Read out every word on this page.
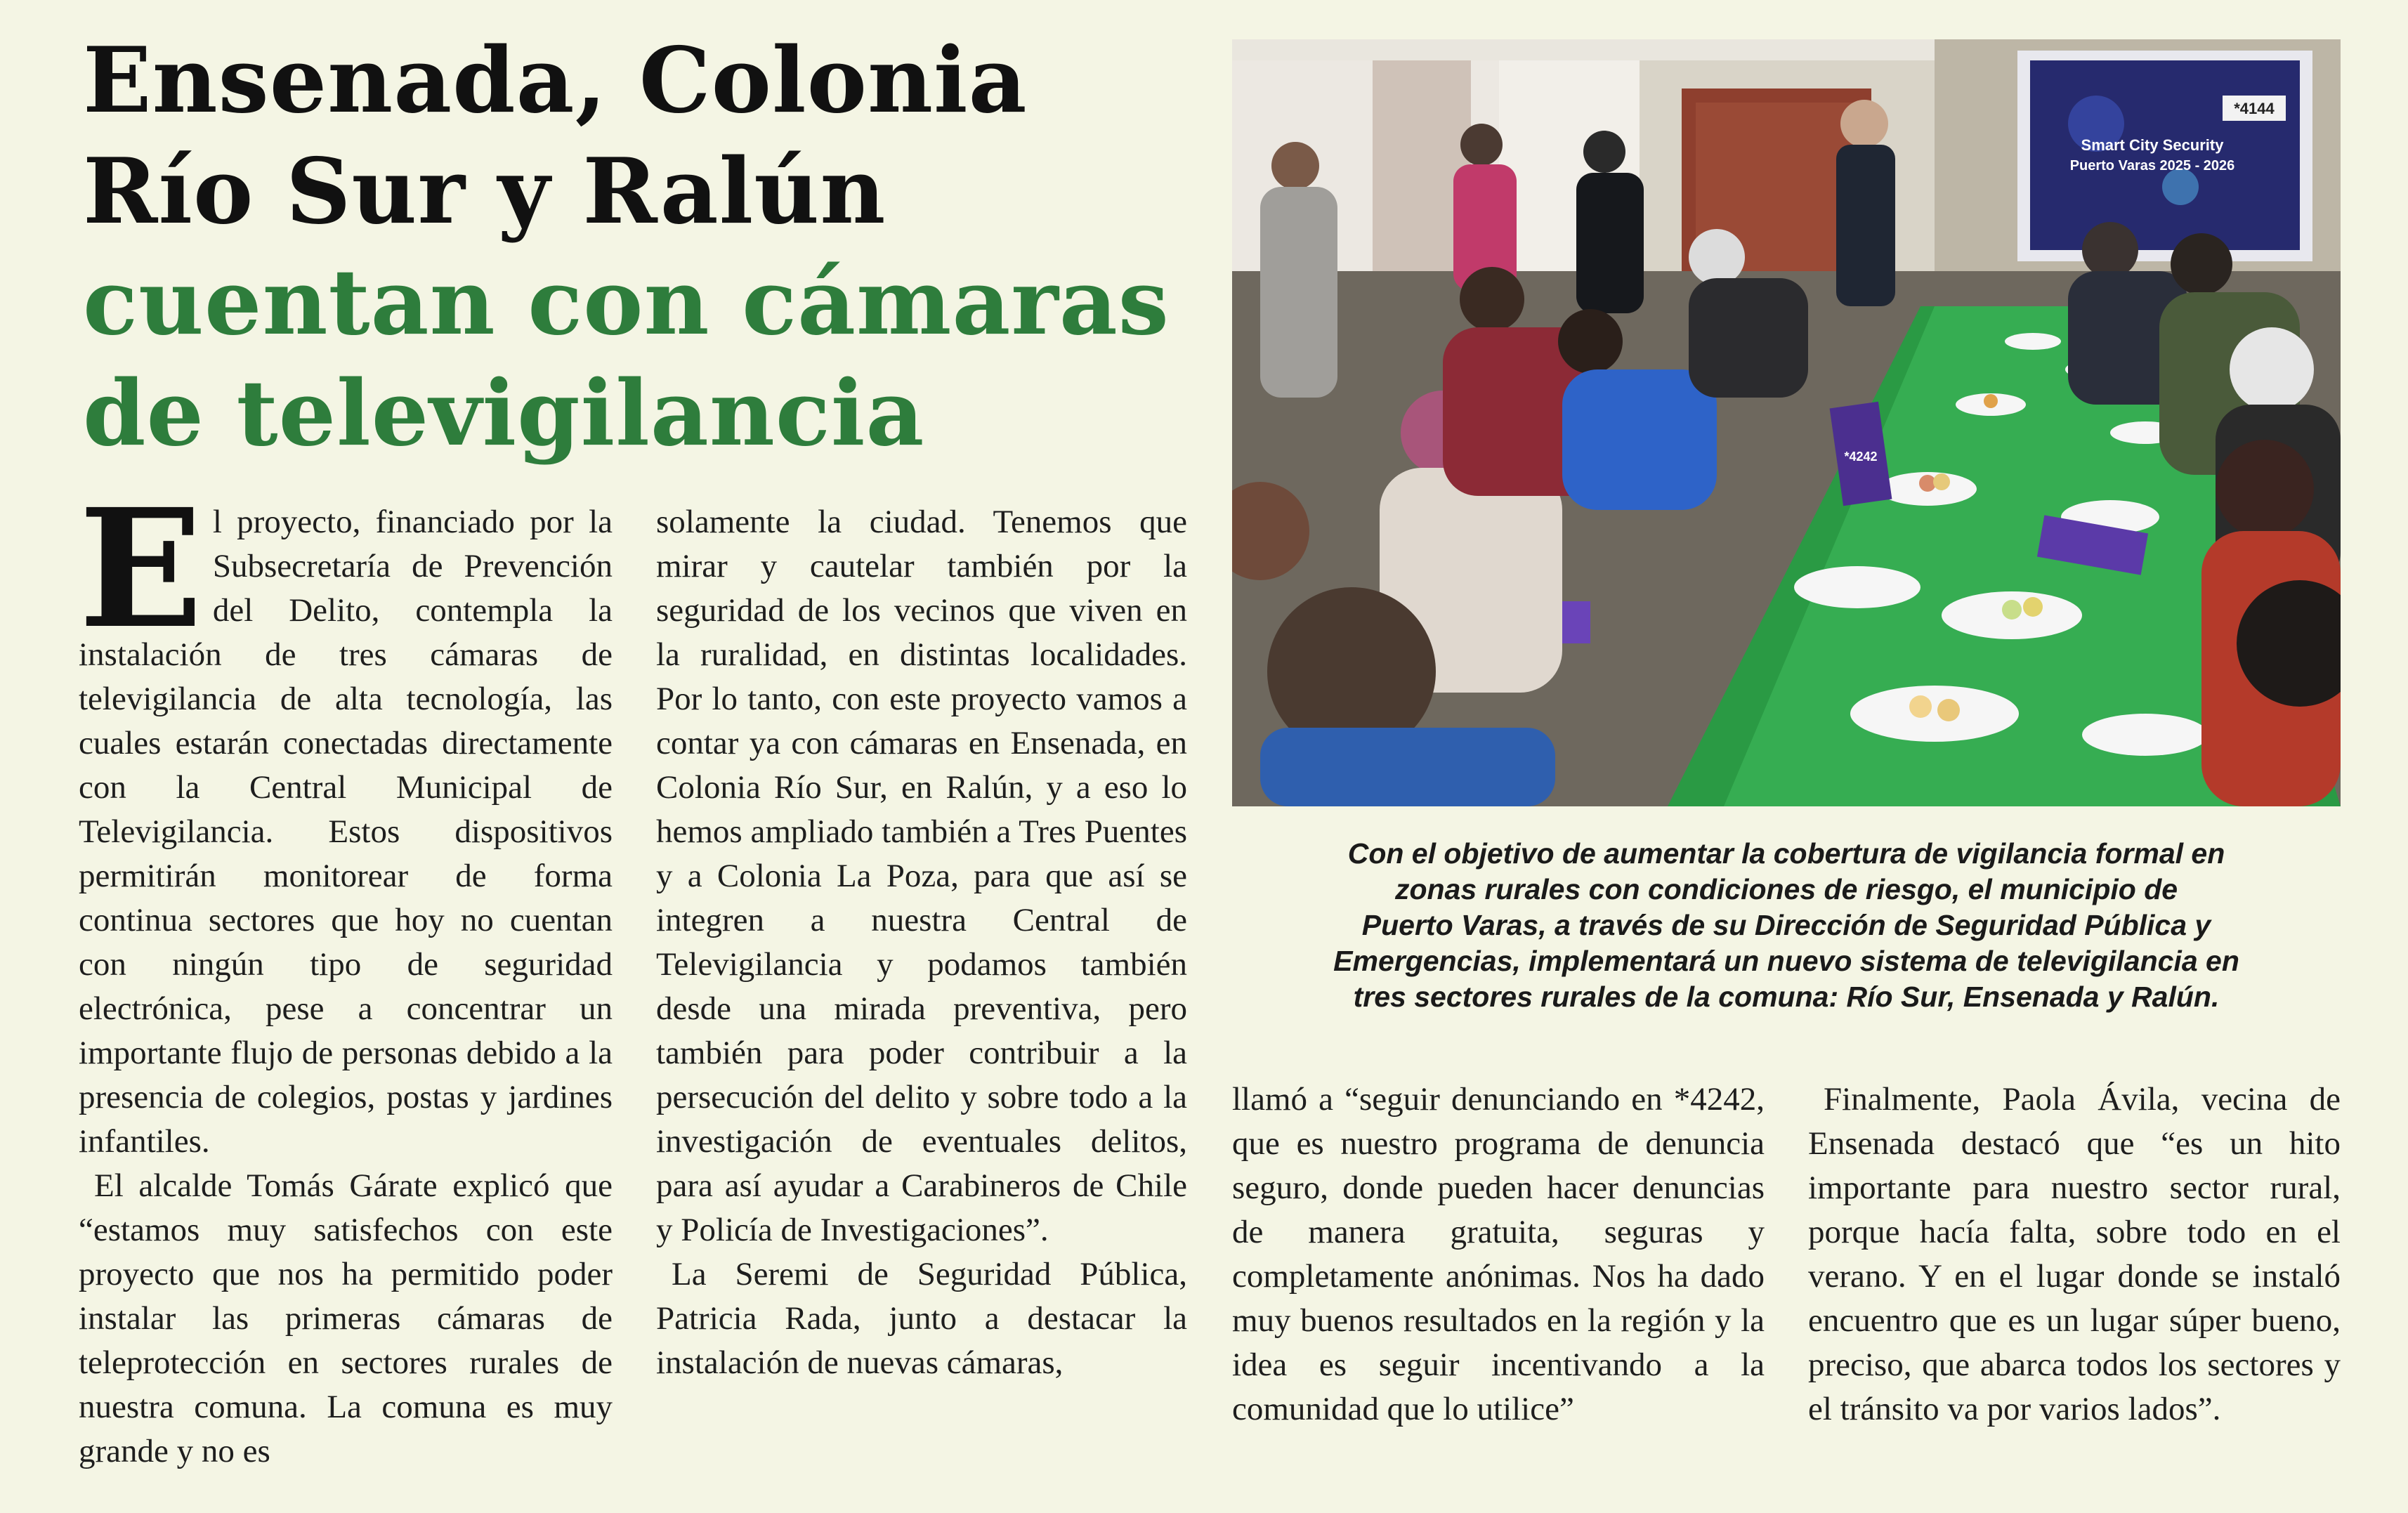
Ensenada, Colonia
Río Sur y Ralún
cuentan con cámaras
de televigilancia
Smart City Security
Puerto Varas 2025 - 2026
*4144
*4242
Con el objetivo de aumentar la cobertura de vigilancia formal en
zonas rurales con condiciones de riesgo, el municipio de
Puerto Varas, a través de su Dirección de Seguridad Pública y
Emergencias, implementará un nuevo sistema de televigilancia en
tres sectores rurales de la comuna: Río Sur, Ensenada y Ralún.

El proyecto, financiado por la Subsecretaría de Prevención del Delito, contempla la instalación de tres cámaras de televigilancia de alta tecnología, las cuales estarán conectadas directamente con la Central Municipal de Televigilancia. Estos dispositivos permitirán monitorear de forma continua sectores que hoy no cuentan con ningún tipo de seguridad electrónica, pese a concentrar un importante flujo de personas debido a la presencia de colegios, postas y jardines infantiles.

El alcalde Tomás Gárate explicó que “estamos muy satisfechos con este proyecto que nos ha permitido poder instalar las primeras cámaras de teleprotección en sectores rurales de nuestra comuna. La comuna es muy grande y no es

solamente la ciudad. Tenemos que mirar y cautelar también por la seguridad de los vecinos que viven en la ruralidad, en distintas localidades. Por lo tanto, con este proyecto vamos a contar ya con cámaras en Ensenada, en Colonia Río Sur, en Ralún, y a eso lo hemos ampliado también a Tres Puentes y a Colonia La Poza, para que así se integren a nuestra Central de Televigilancia y podamos también desde una mirada preventiva, pero también para poder contribuir a la persecución del delito y sobre todo a la investigación de eventuales delitos, para así ayudar a Carabineros de Chile y Policía de Investigaciones”.

La Seremi de Seguridad Pública, Patricia Rada, junto a destacar la instalación de nuevas cámaras,

llamó a “seguir denunciando en *4242, que es nuestro programa de denuncia seguro, donde pueden hacer denuncias de manera gratuita, seguras y completamente anónimas. Nos ha dado muy buenos resultados en la región y la idea es seguir incentivando a la comunidad que lo utilice”

Finalmente, Paola Ávila, vecina de Ensenada destacó que “es un hito importante para nuestro sector rural, porque hacía falta, sobre todo en el verano. Y en el lugar donde se instaló encuentro que es un lugar súper bueno, preciso, que abarca todos los sectores y el tránsito va por varios lados”.
